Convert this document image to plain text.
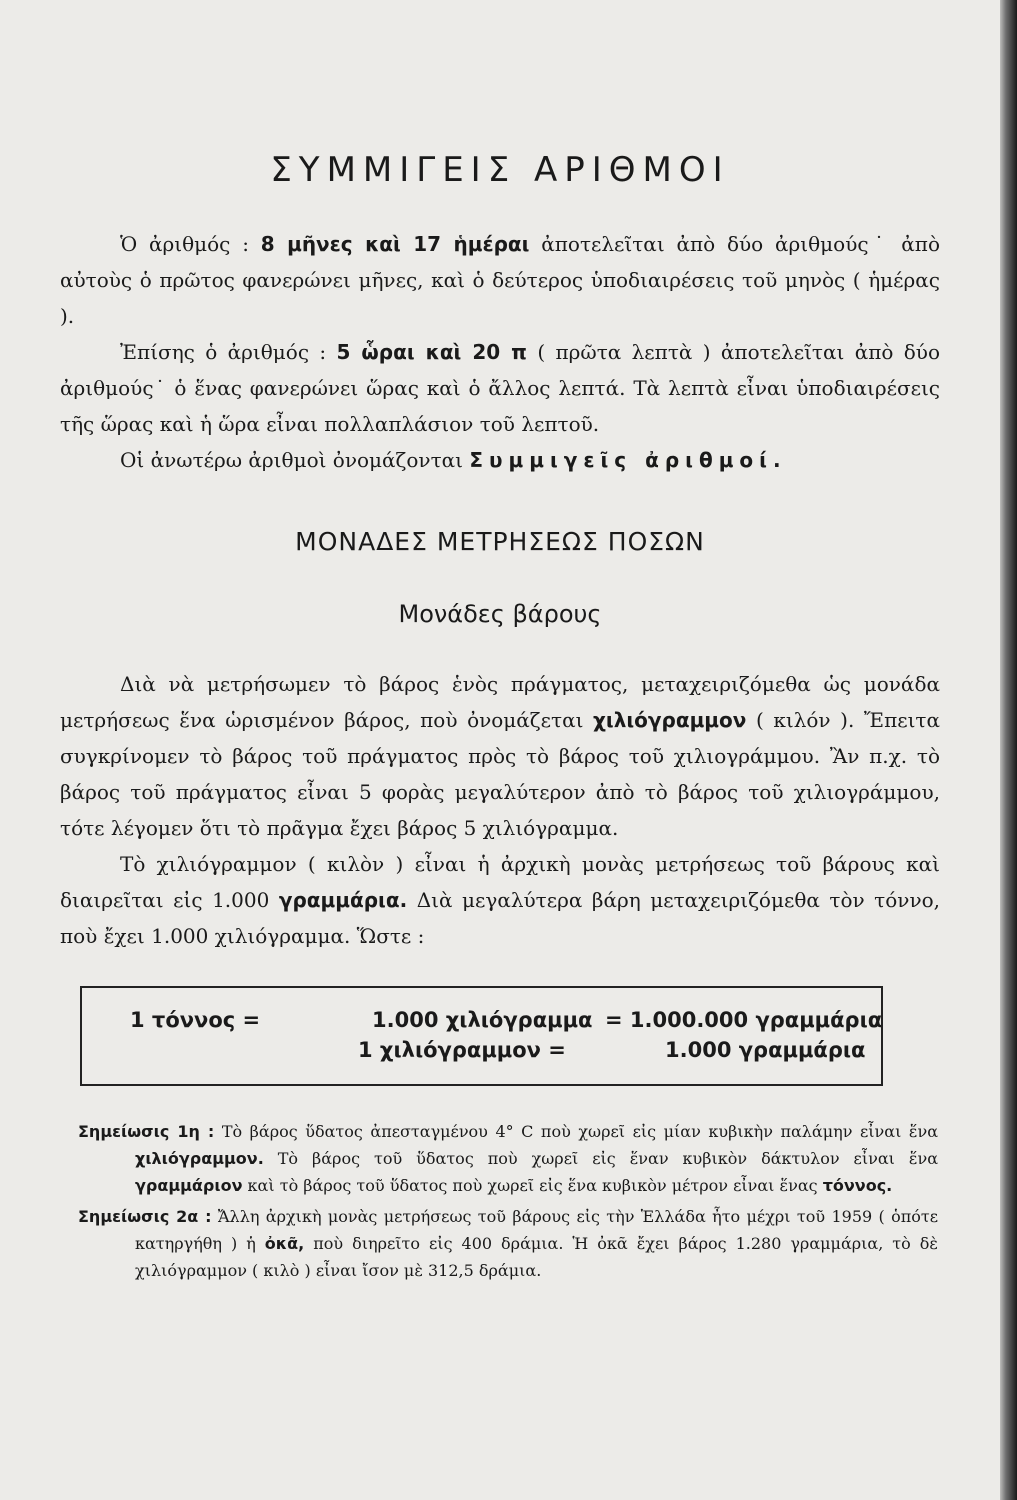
ΣΥΜΜΙΓΕΙΣ ΑΡΙΘΜΟΙ

Ὁ ἀριθμός : 8 μῆνες καὶ 17 ἡμέραι ἀποτελεῖται ἀπὸ δύο ἀριθμούς˙ ἀπὸ αὐτοὺς ὁ πρῶτος φανερώνει μῆνες, καὶ ὁ δεύτερος ὑποδιαιρέσεις τοῦ μηνὸς ( ἡμέρας ).

Ἐπίσης ὁ ἀριθμός : 5 ὧραι καὶ 20 π ( πρῶτα λεπτὰ ) ἀποτελεῖται ἀπὸ δύο ἀριθμούς˙ ὁ ἕνας φανερώνει ὥρας καὶ ὁ ἄλλος λεπτά. Τὰ λεπτὰ εἶναι ὑποδιαιρέσεις τῆς ὥρας καὶ ἡ ὥρα εἶναι πολλαπλάσιον τοῦ λεπτοῦ.

Οἱ ἀνωτέρω ἀριθμοὶ ὀνομάζονται Συμμιγεῖς ἀριθμοί.

ΜΟΝΑΔΕΣ ΜΕΤΡΗΣΕΩΣ ΠΟΣΩΝ
Μονάδες βάρους

Διὰ νὰ μετρήσωμεν τὸ βάρος ἑνὸς πράγματος, μεταχειριζόμεθα ὡς μονάδα μετρήσεως ἕνα ὡρισμένον βάρος, ποὺ ὀνομάζεται χιλιόγραμμον ( κιλόν ). Ἔπειτα συγκρίνομεν τὸ βάρος τοῦ πράγματος πρὸς τὸ βάρος τοῦ χιλιογράμμου. Ἂν π.χ. τὸ βάρος τοῦ πράγματος εἶναι 5 φορὰς μεγαλύτερον ἀπὸ τὸ βάρος τοῦ χιλιογράμμου, τότε λέγομεν ὅτι τὸ πρᾶγμα ἔχει βάρος 5 χιλιόγραμμα.

Τὸ χιλιόγραμμον ( κιλὸν ) εἶναι ἡ ἀρχικὴ μονὰς μετρήσεως τοῦ βάρους καὶ διαιρεῖται εἰς 1.000 γραμμάρια. Διὰ μεγαλύτερα βάρη μεταχειριζόμεθα τὸν τόννο, ποὺ ἔχει 1.000 χιλιόγραμμα. Ὥστε :

1 τόννος =	1.000 χιλιόγραμμα = 1.000.000 γραμμάρια
1 χιλιόγραμμον =	1.000 γραμμάρια
Σημείωσις 1η : Τὸ βάρος ὕδατος ἀπεσταγμένου 4° C ποὺ χωρεῖ εἰς μίαν κυβικὴν παλάμην εἶναι ἕνα χιλιόγραμμον. Τὸ βάρος τοῦ ὕδατος ποὺ χωρεῖ εἰς ἕναν κυβικὸν δάκτυλον εἶναι ἕνα γραμμάριον καὶ τὸ βάρος τοῦ ὕδατος ποὺ χωρεῖ εἰς ἕνα κυβικὸν μέτρον εἶναι ἕνας τόννος.
Σημείωσις 2α : Ἄλλη ἀρχικὴ μονὰς μετρήσεως τοῦ βάρους εἰς τὴν Ἑλλάδα ἦτο μέχρι τοῦ 1959 ( ὁπότε κατηργήθη ) ἡ ὀκᾶ, ποὺ διηρεῖτο εἰς 400 δράμια. Ἡ ὀκᾶ ἔχει βάρος 1.280 γραμμάρια, τὸ δὲ χιλιόγραμμον ( κιλὸ ) εἶναι ἴσον μὲ 312,5 δράμια.
